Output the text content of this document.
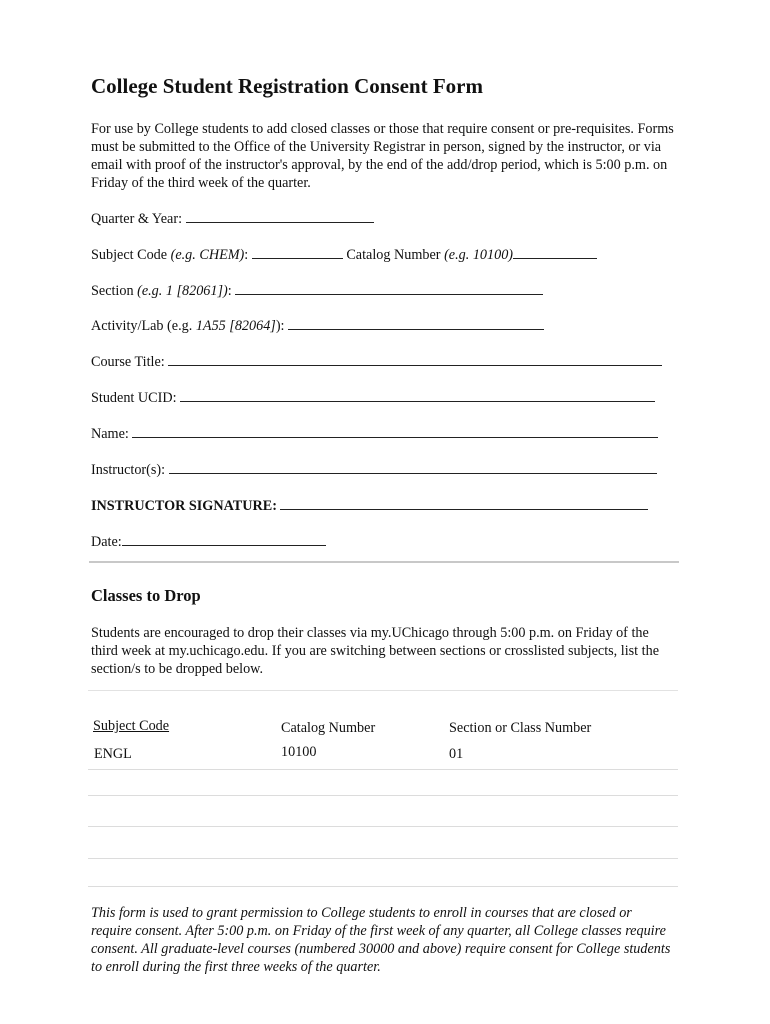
College Student Registration Consent Form
For use by College students to add closed classes or those that require consent or pre-requisites. Forms must be submitted to the Office of the University Registrar in person, signed by the instructor, or via email with proof of the instructor's approval, by the end of the add/drop period, which is 5:00 p.m. on Friday of the third week of the quarter.
Quarter & Year:
Subject Code (e.g. CHEM):	Catalog Number (e.g. 10100)
Section (e.g. 1 [82061]):
Activity/Lab (e.g. 1A55 [82064]):
Course Title:
Student UCID:
Name:
Instructor(s):
INSTRUCTOR SIGNATURE:
Date:
Classes to Drop
Students are encouraged to drop their classes via my.UChicago through 5:00 p.m. on Friday of the third week at my.uchicago.edu. If you are switching between sections or crosslisted subjects, list the section/s to be dropped below.
Subject Code	Catalog Number	Section or Class Number
ENGL	10100	01
This form is used to grant permission to College students to enroll in courses that are closed or require consent. After 5:00 p.m. on Friday of the first week of any quarter, all College classes require consent. All graduate-level courses (numbered 30000 and above) require consent for College students to enroll during the first three weeks of the quarter.
